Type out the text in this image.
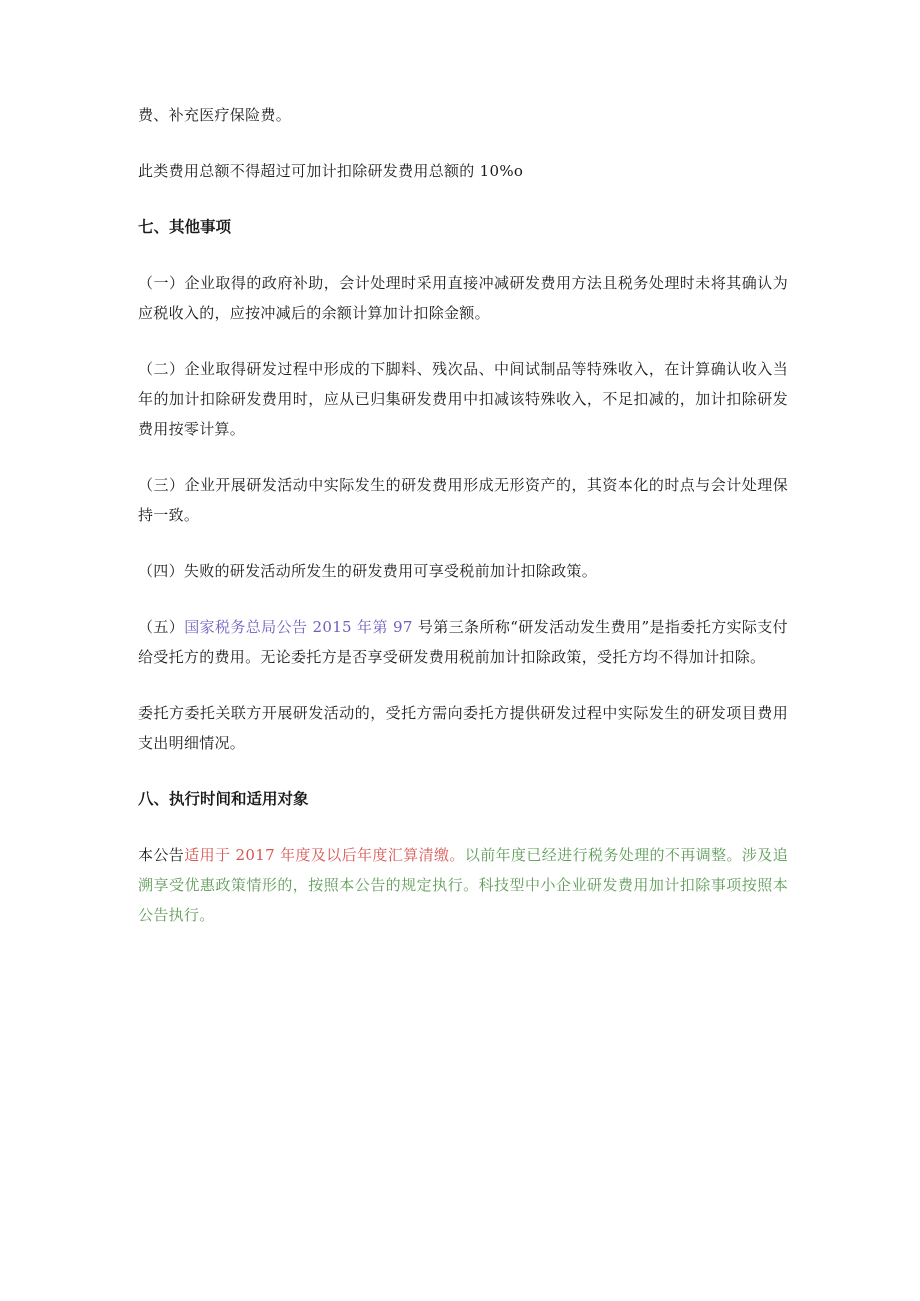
费、补充医疗保险费。

此类费用总额不得超过可加计扣除研发费用总额的 10%o

七、其他事项

（一）企业取得的政府补助，会计处理时采用直接冲减研发费用方法且税务处理时未将其确认为应税收入的，应按冲减后的余额计算加计扣除金额。

（二）企业取得研发过程中形成的下脚料、残次品、中间试制品等特殊收入，在计算确认收入当年的加计扣除研发费用时，应从已归集研发费用中扣减该特殊收入，不足扣减的，加计扣除研发费用按零计算。

（三）企业开展研发活动中实际发生的研发费用形成无形资产的，其资本化的时点与会计处理保持一致。

（四）失败的研发活动所发生的研发费用可享受税前加计扣除政策。

（五）国家税务总局公告 2015 年第 97 号第三条所称“研发活动发生费用”是指委托方实际支付给受托方的费用。无论委托方是否享受研发费用税前加计扣除政策，受托方均不得加计扣除。

委托方委托关联方开展研发活动的，受托方需向委托方提供研发过程中实际发生的研发项目费用支出明细情况。

八、执行时间和适用对象

本公告适用于 2017 年度及以后年度汇算清缴。以前年度已经进行税务处理的不再调整。涉及追溯享受优惠政策情形的，按照本公告的规定执行。科技型中小企业研发费用加计扣除事项按照本公告执行。
